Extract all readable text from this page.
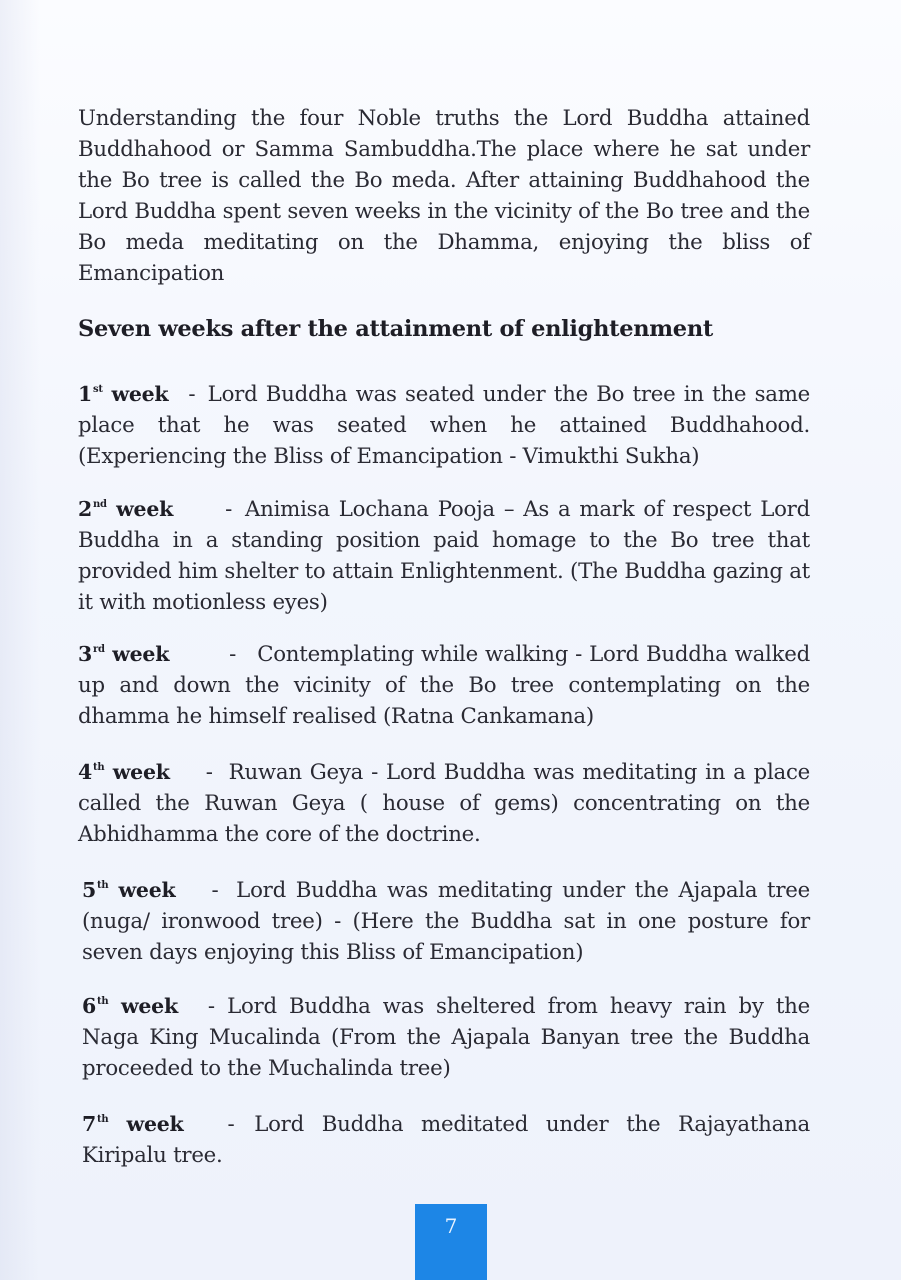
Understanding the four Noble truths the Lord Buddha attained Buddhahood or Samma Sambuddha.The place where he sat under the Bo tree is called the Bo meda. After attaining Buddhahood the Lord Buddha spent seven weeks in the vicinity of the Bo tree and the Bo meda meditating on the Dhamma, enjoying the bliss of Emancipation

Seven weeks after the attainment of enlightenment

1st week - Lord Buddha was seated under the Bo tree in the same place that he was seated when he attained Buddhahood. (Experiencing the Bliss of Emancipation - Vimukthi Sukha)

2nd week - Animisa Lochana Pooja – As a mark of respect Lord Buddha in a standing position paid homage to the Bo tree that provided him shelter to attain Enlightenment. (The Buddha gazing at it with motionless eyes)

3rd week	- Contemplating while walking - Lord Buddha walked up and down the vicinity of the Bo tree contemplating on the dhamma he himself realised (Ratna Cankamana)

4th week - Ruwan Geya - Lord Buddha was meditating in a place called the Ruwan Geya ( house of gems) concentrating on the Abhidhamma the core of the doctrine.

5th week - Lord Buddha was meditating under the Ajapala tree (nuga/ ironwood tree) - (Here the Buddha sat in one posture for seven days enjoying this Bliss of Emancipation)

6th week - Lord Buddha was sheltered from heavy rain by the Naga King Mucalinda (From the Ajapala Banyan tree the Buddha proceeded to the Muchalinda tree)

7th week - Lord Buddha meditated under the Rajayathana Kiripalu tree.

7
